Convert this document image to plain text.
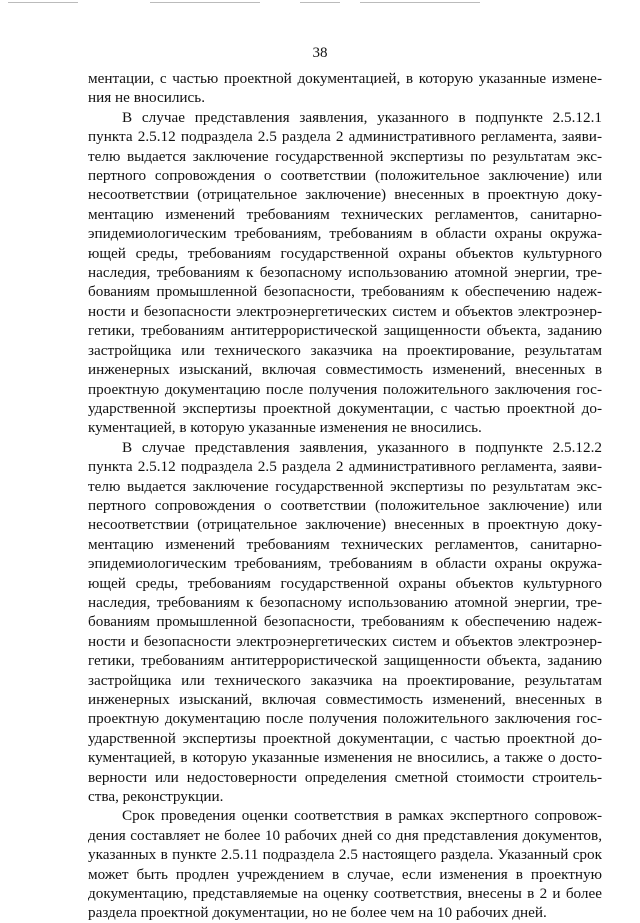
38

ментации, с частью проектной документацией, в которую указанные изменения не вносились.

В случае представления заявления, указанного в подпункте 2.5.12.1 пункта 2.5.12 подраздела 2.5 раздела 2 административного регламента, заявителю выдается заключение государственной экспертизы по результатам экспертного сопровождения о соответствии (положительное заключение) или несоответствии (отрицательное заключение) внесенных в проектную документацию изменений требованиям технических регламентов, санитарно-эпидемиологическим требованиям, требованиям в области охраны окружающей среды, требованиям государственной охраны объектов культурного наследия, требованиям к безопасному использованию атомной энергии, требованиям промышленной безопасности, требованиям к обеспечению надежности и безопасности электроэнергетических систем и объектов электроэнергетики, требованиям антитеррористической защищенности объекта, заданию застройщика или технического заказчика на проектирование, результатам инженерных изысканий, включая совместимость изменений, внесенных в проектную документацию после получения положительного заключения государственной экспертизы проектной документации, с частью проектной документацией, в которую указанные изменения не вносились.

В случае представления заявления, указанного в подпункте 2.5.12.2 пункта 2.5.12 подраздела 2.5 раздела 2 административного регламента, заявителю выдается заключение государственной экспертизы по результатам экспертного сопровождения о соответствии (положительное заключение) или несоответствии (отрицательное заключение) внесенных в проектную документацию изменений требованиям технических регламентов, санитарно-эпидемиологическим требованиям, требованиям в области охраны окружающей среды, требованиям государственной охраны объектов культурного наследия, требованиям к безопасному использованию атомной энергии, требованиям промышленной безопасности, требованиям к обеспечению надежности и безопасности электроэнергетических систем и объектов электроэнергетики, требованиям антитеррористической защищенности объекта, заданию застройщика или технического заказчика на проектирование, результатам инженерных изысканий, включая совместимость изменений, внесенных в проектную документацию после получения положительного заключения государственной экспертизы проектной документации, с частью проектной документацией, в которую указанные изменения не вносились, а также о достоверности или недостоверности определения сметной стоимости строительства, реконструкции.

Срок проведения оценки соответствия в рамках экспертного сопровождения составляет не более 10 рабочих дней со дня представления документов, указанных в пункте 2.5.11 подраздела 2.5 настоящего раздела. Указанный срок может быть продлен учреждением в случае, если изменения в проектную документацию, представляемые на оценку соответствия, внесены в 2 и более раздела проектной документации, но не более чем на 10 рабочих дней.
